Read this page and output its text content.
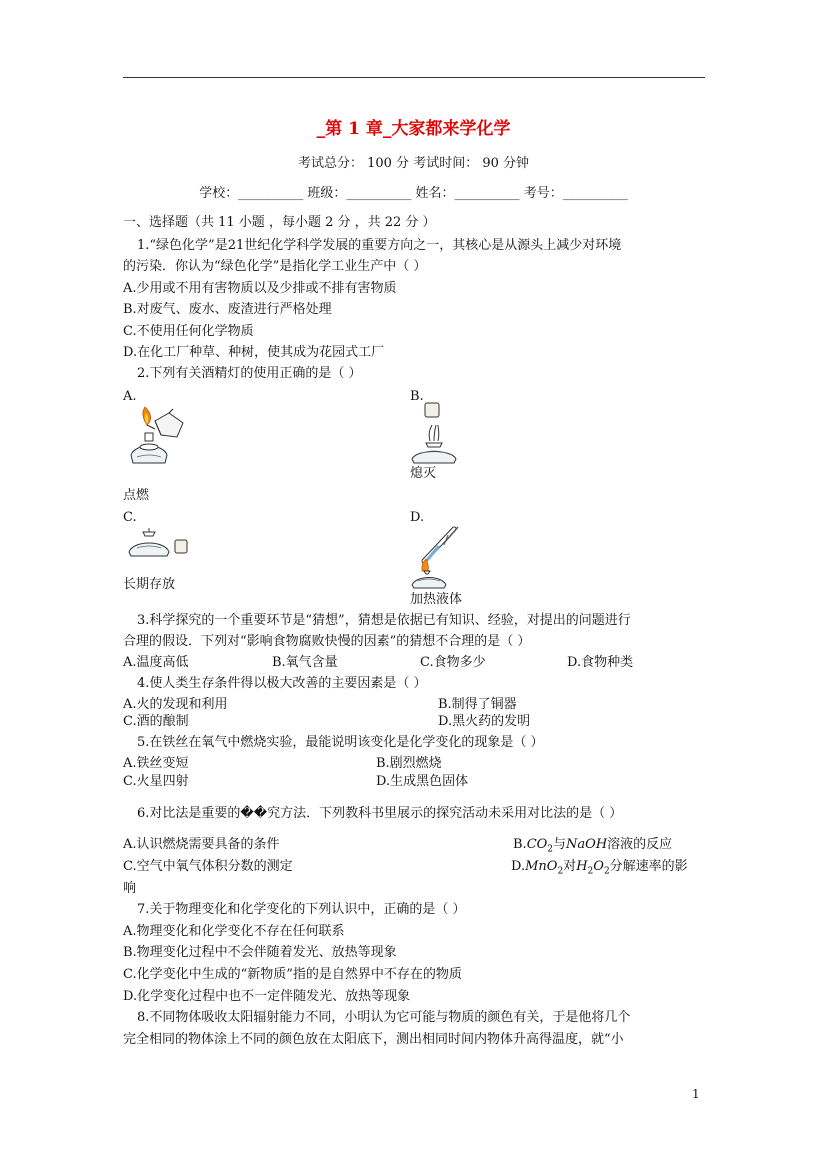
_第 1 章_大家都来学化学
考试总分： 100 分 考试时间： 90 分钟
学校：__________ 班级：__________ 姓名：__________ 考号：__________
一、选择题（共 11 小题 ，每小题 2 分 ，共 22 分 ）
1.“绿色化学”是21世纪化学科学发展的重要方向之一，其核心是从源头上减少对环境
的污染．你认为“绿色化学”是指化学工业生产中（ ）
A.少用或不用有害物质以及少排或不排有害物质
B.对废气、废水、废渣进行严格处理
C.不使用任何化学物质
D.在化工厂种草、种树，使其成为花园式工厂
2.下列有关酒精灯的使用正确的是（ ）
A.	B.
点燃
熄灭
C.	D.
长期存放
加热液体
3.科学探究的一个重要环节是“猜想”，猜想是依据已有知识、经验，对提出的问题进行
合理的假设．下列对“影响食物腐败快慢的因素”的猜想不合理的是（ ）
A.温度高低	B.氧气含量	C.食物多少	D.食物种类
4.使人类生存条件得以极大改善的主要因素是（ ）
A.火的发现和利用	B.制得了铜器
C.酒的酿制	D.黑火药的发明
5.在铁丝在氧气中燃烧实验，最能说明该变化是化学变化的现象是（ ）
A.铁丝变短	B.剧烈燃烧
C.火星四射	D.生成黑色固体
6.对比法是重要的��究方法．下列教科书里展示的探究活动未采用对比法的是（ ）
A.认识燃烧需要具备的条件	$B.CO_2$与NaOH溶液的反应
C.空气中氧气体积分数的测定	D.MnO$_2$对$H_2O_2$分解速率的影
响
7.关于物理变化和化学变化的下列认识中，正确的是（ ）
A.物理变化和化学变化不存在任何联系
B.物理变化过程中不会伴随着发光、放热等现象
C.化学变化中生成的“新物质”指的是自然界中不存在的物质
D.化学变化过程中也不一定伴随发光、放热等现象
8.不同物体吸收太阳辐射能力不同，小明认为它可能与物质的颜色有关，于是他将几个
完全相同的物体涂上不同的颜色放在太阳底下，测出相同时间内物体升高得温度，就“小
1
